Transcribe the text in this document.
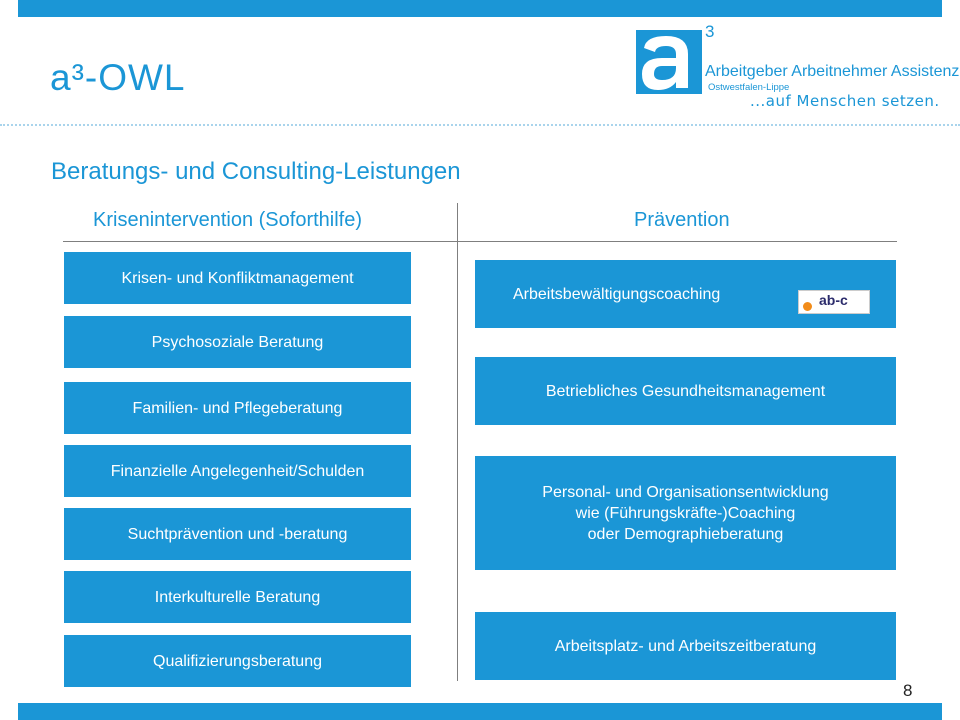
a³-OWL
3
Arbeitgeber Arbeitnehmer Assistenz
Ostwestfalen-Lippe
...auf Menschen setzen.
Beratungs- und Consulting-Leistungen
Krisenintervention (Soforthilfe)	Prävention
Krisen- und Konfliktmanagement
Psychosoziale Beratung
Familien- und Pflegeberatung
Finanzielle Angelegenheit/Schulden
Suchtprävention und -beratung
Interkulturelle Beratung
Qualifizierungsberatung
Arbeitsbewältigungscoaching	ab-c
Betriebliches Gesundheitsmanagement
Personal- und Organisationsentwicklung
wie (Führungskräfte-)Coaching
oder Demographieberatung
Arbeitsplatz- und Arbeitszeitberatung
8
